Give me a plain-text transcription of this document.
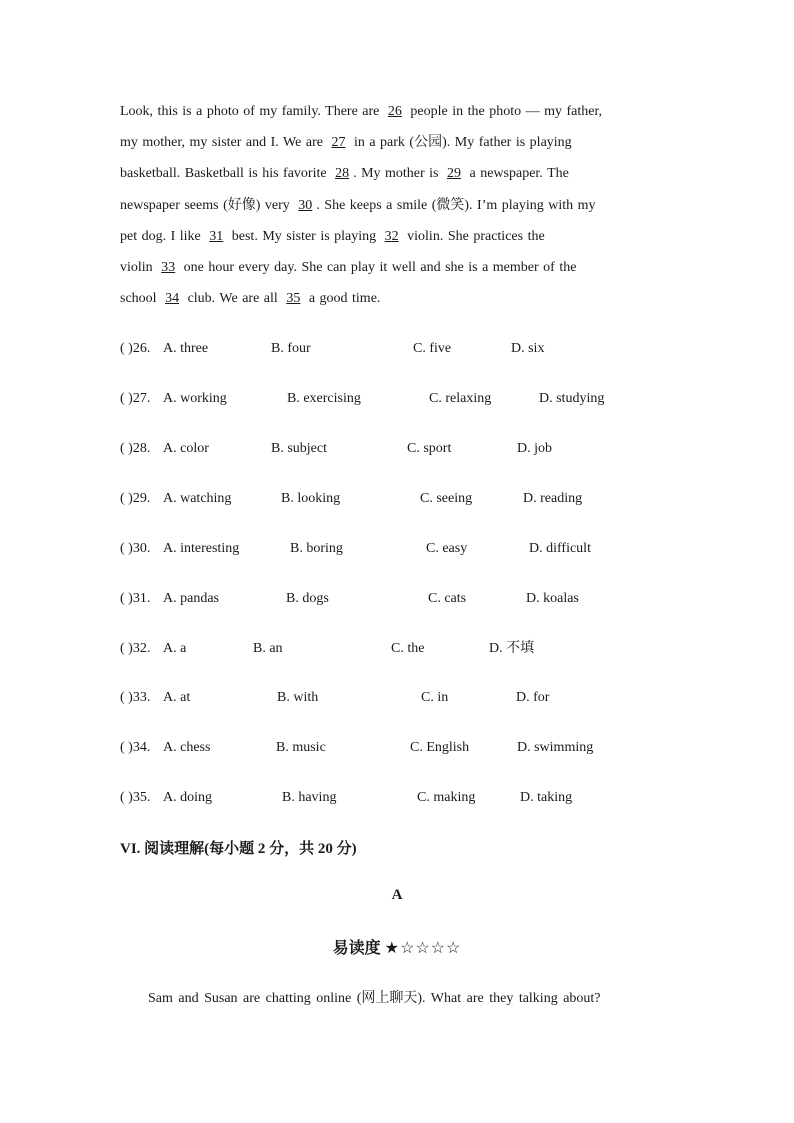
Look, this is a photo of my family. There are 26 people in the photo — my father,
my mother, my sister and I. We are 27 in a park (公园). My father is playing
basketball. Basketball is his favorite 28 . My mother is 29 a newspaper. The
newspaper seems (好像) very 30 . She keeps a smile (微笑). I’m playing with my
pet dog. I like 31 best. My sister is playing 32 violin. She practices the
violin 33 one hour every day. She can play it well and she is a member of the
school 34 club. We are all 35 a good time.
( )26. A. three	B. four	C. five	D. six
( )27. A. working	B. exercising	C. relaxing	D. studying
( )28. A. color	B. subject	C. sport	D. job
( )29. A. watching	B. looking	C. seeing	D. reading
( )30. A. interesting	B. boring	C. easy	D. difficult
( )31. A. pandas	B. dogs	C. cats	D. koalas
( )32. A. a	B. an	C. the	D. 不填
( )33. A. at	B. with	C. in	D. for
( )34. A. chess	B. music	C. English	D. swimming
( )35. A. doing	B. having	C. making	D. taking
VI. 阅读理解(每小题 2 分，共 20 分)
A
易读度 ★☆☆☆☆
Sam and Susan are chatting online (网上聊天). What are they talking about?
